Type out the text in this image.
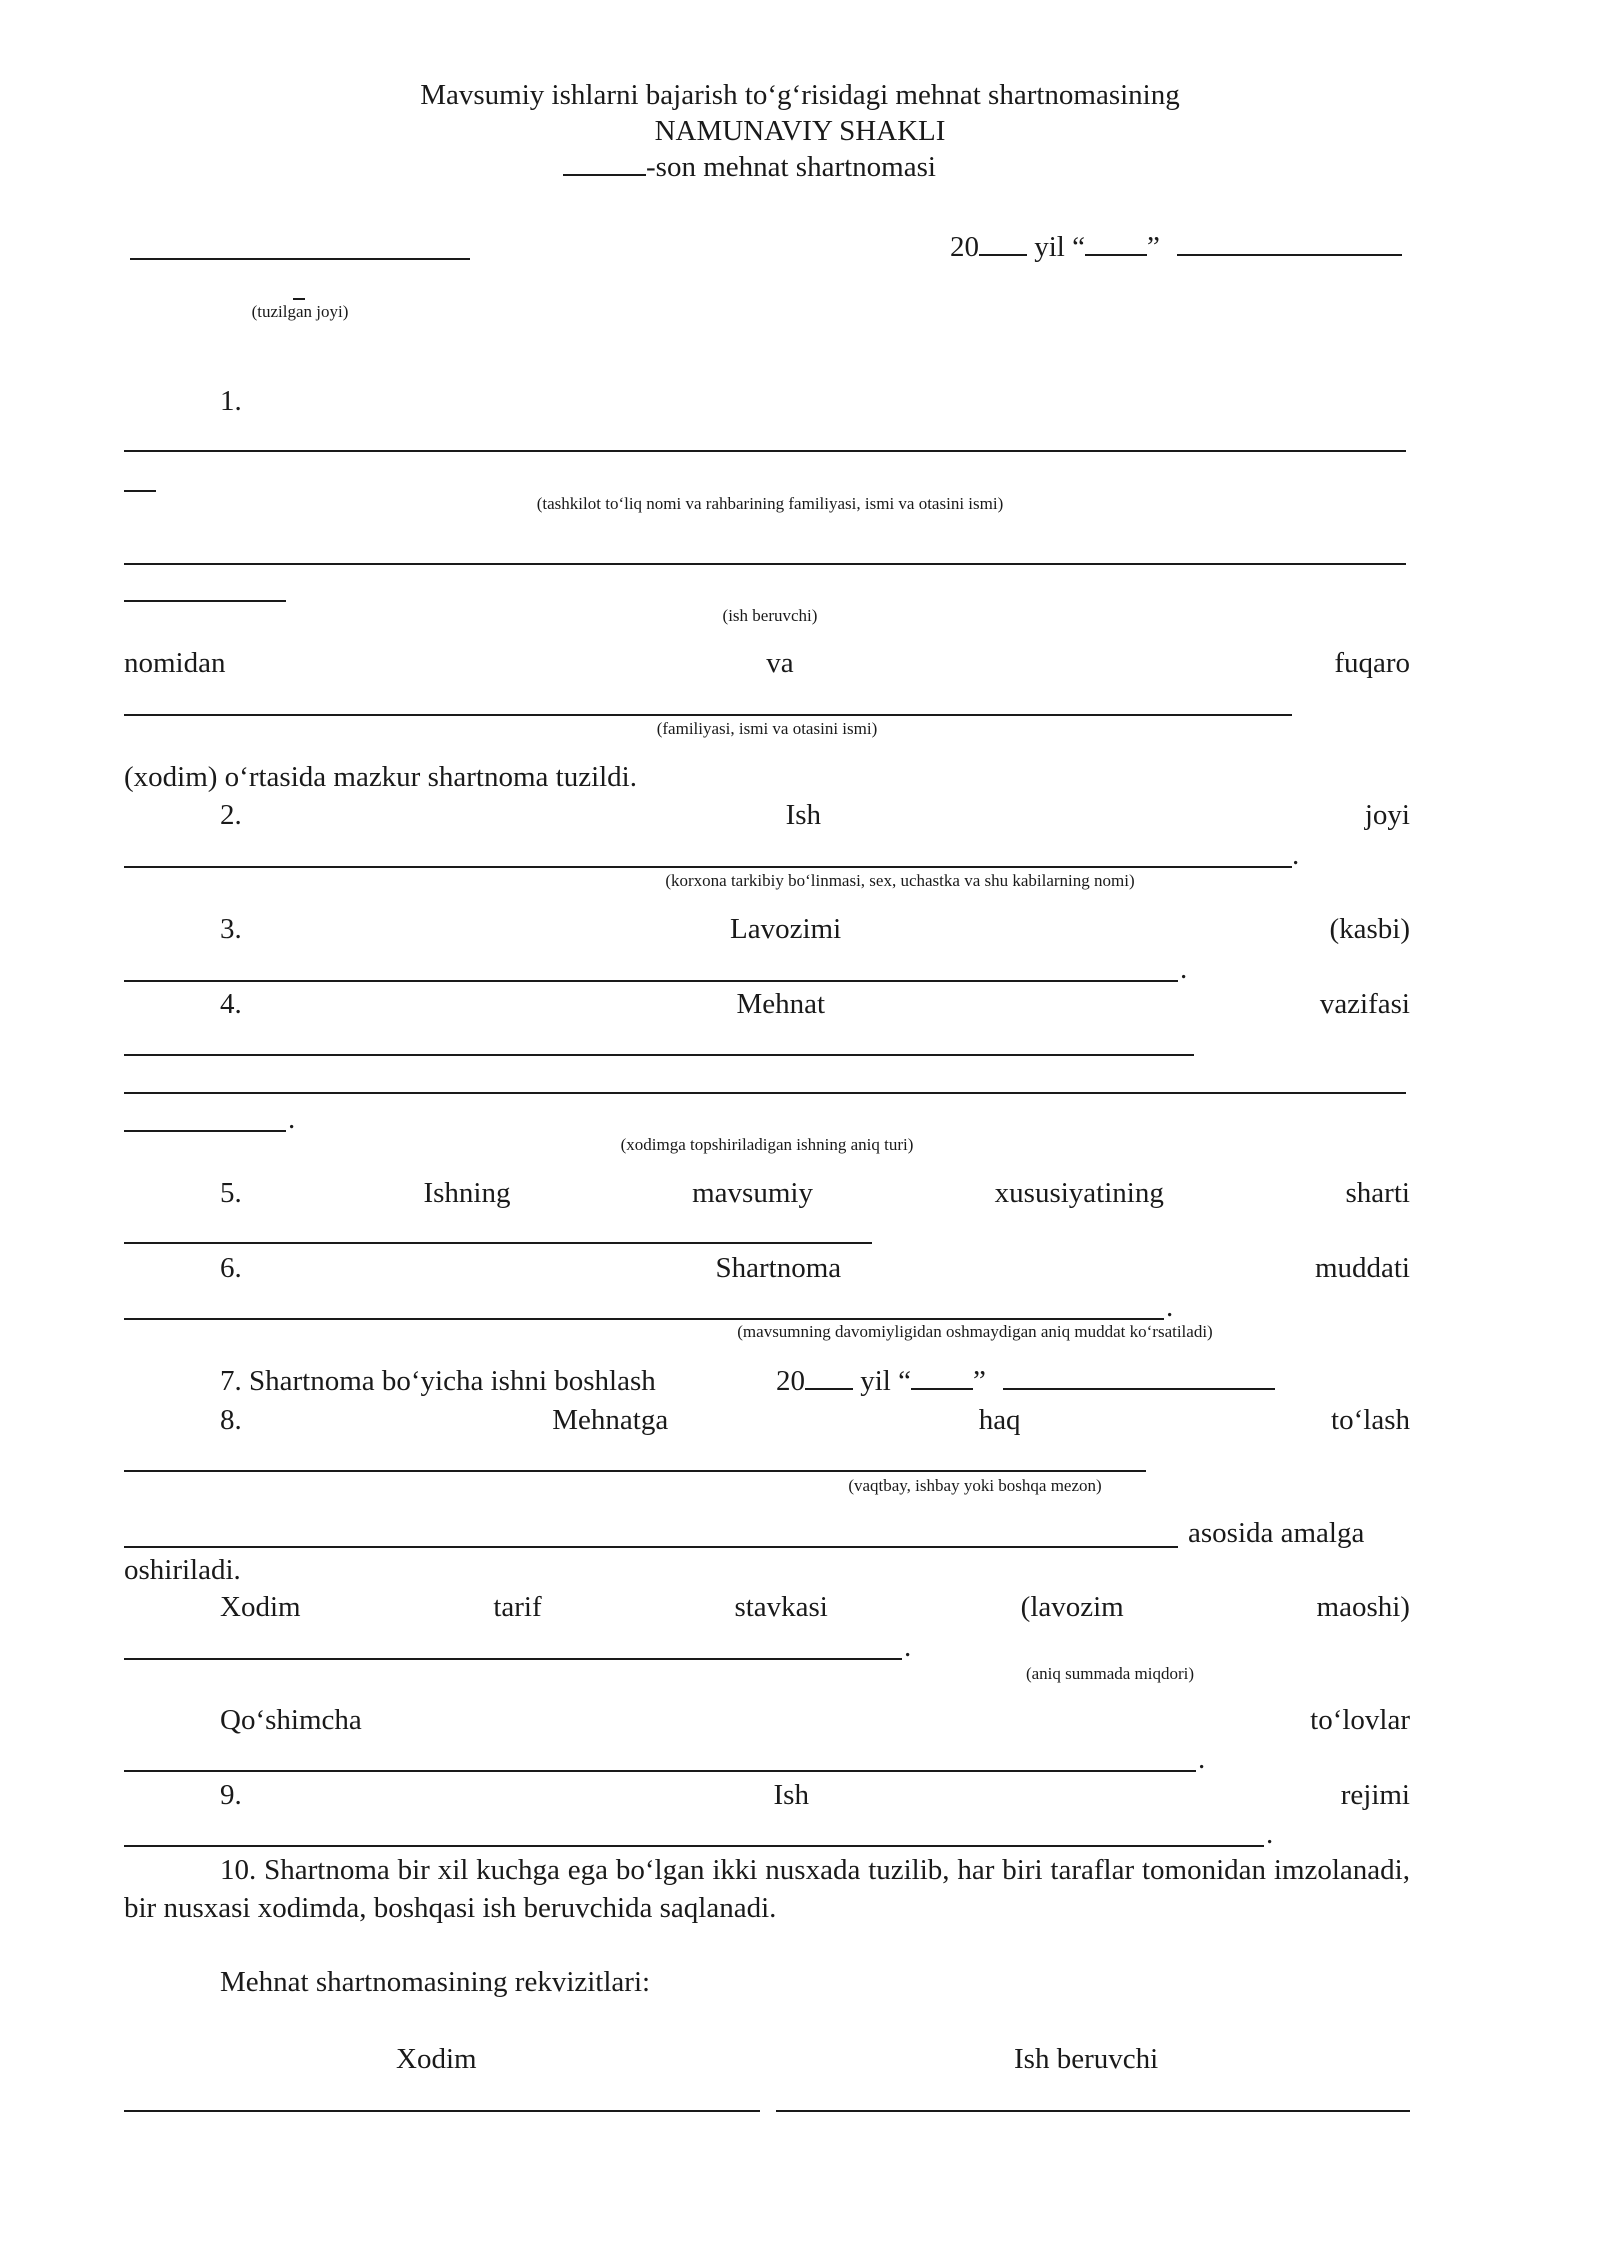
Mavsumiy ishlarni bajarish to‘g‘risidagi mehnat shartnomasining
NAMUNAVIY SHAKLI
-son mehnat shartnomasi
(tuzilgan joyi)
20 yil “ ”
1.
(tashkilot to‘liq nomi va rahbarining familiyasi, ismi va otasini ismi)
(ish beruvchi)
nomidan	va	fuqaro
(familiyasi, ismi va otasini ismi)
(xodim) o‘rtasida mazkur shartnoma tuzildi.
2.	Ish	joyi
.
(korxona tarkibiy bo‘linmasi, sex, uchastka va shu kabilarning nomi)
3.	Lavozimi	(kasbi)
.
4.	Mehnat	vazifasi
.
(xodimga topshiriladigan ishning aniq turi)
5.	Ishning	mavsumiy	xususiyatining	sharti
6.	Shartnoma	muddati
.
(mavsumning davomiyligidan oshmaydigan aniq muddat ko‘rsatiladi)
7. Shartnoma bo‘yicha ishni boshlash	20 yil “ ”
8.	Mehnatga	haq	to‘lash
(vaqtbay, ishbay yoki boshqa mezon)
asosida amalga
oshiriladi.
Xodim	tarif	stavkasi	(lavozim	maoshi)
.
(aniq summada miqdori)
Qo‘shimcha	to‘lovlar
.
9.	Ish	rejimi
.
10. Shartnoma bir xil kuchga ega bo‘lgan ikki nusxada tuzilib, har biri taraflar tomonidan imzolanadi, bir nusxasi xodimda, boshqasi ish beruvchida saqlanadi.
Mehnat shartnomasining rekvizitlari:
Xodim	Ish beruvchi
